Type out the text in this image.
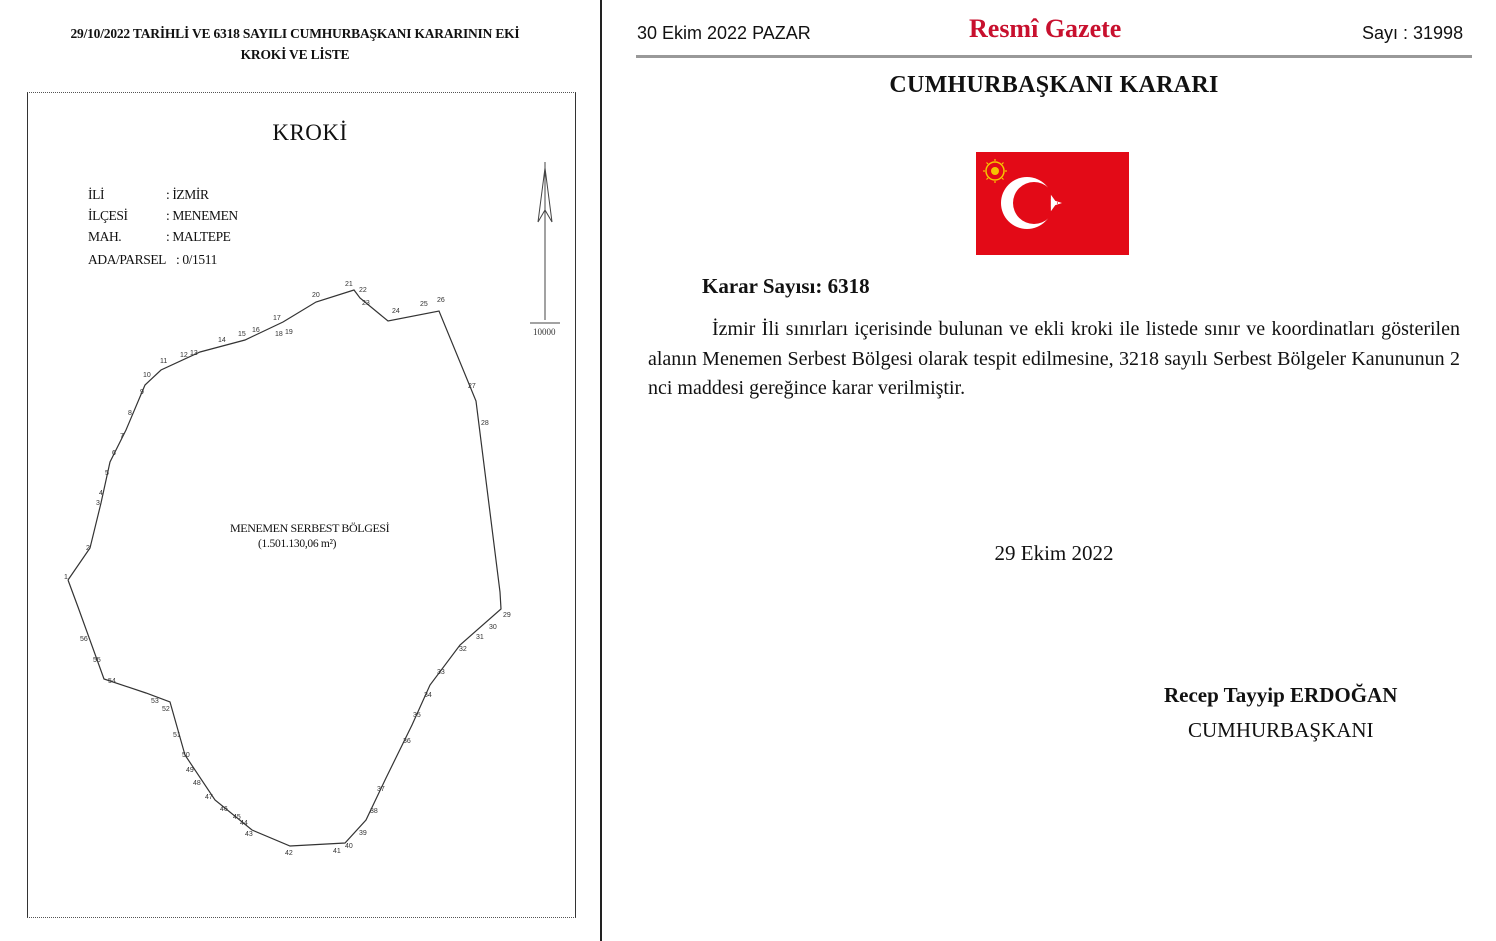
29/10/2022 TARİHLİ VE 6318 SAYILI CUMHURBAŞKANI KARARININ EKİ
KROKİ VE LİSTE
KROKİ
İLİ	: İZMİR
İLÇESİ	: MENEMEN
MAH.	: MALTEPE
ADA/PARSEL : 0/1511
10000
1
2
3
4
5
6
7
8
9
10
11
12 13
14
15
16
17
18 19
20
21
22
23
24
25
26
27
28
29
30
31
32
33
34
35
36
37
38
39
40
41
42
43
44
45
46
47
48
49
50
51
52
53
54
55
56
MENEMEN SERBEST BÖLGESİ
(1.501.130,06 m²)
30 Ekim 2022 PAZAR	Resmî Gazete	Sayı : 31998
CUMHURBAŞKANI KARARI
Karar Sayısı: 6318
İzmir İli sınırları içerisinde bulunan ve ekli kroki ile listede sınır ve koordinatları gösterilen alanın Menemen Serbest Bölgesi olarak tespit edilmesine, 3218 sayılı Serbest Bölgeler Kanununun 2 nci maddesi gereğince karar verilmiştir.
29 Ekim 2022
Recep Tayyip ERDOĞAN
CUMHURBAŞKANI
